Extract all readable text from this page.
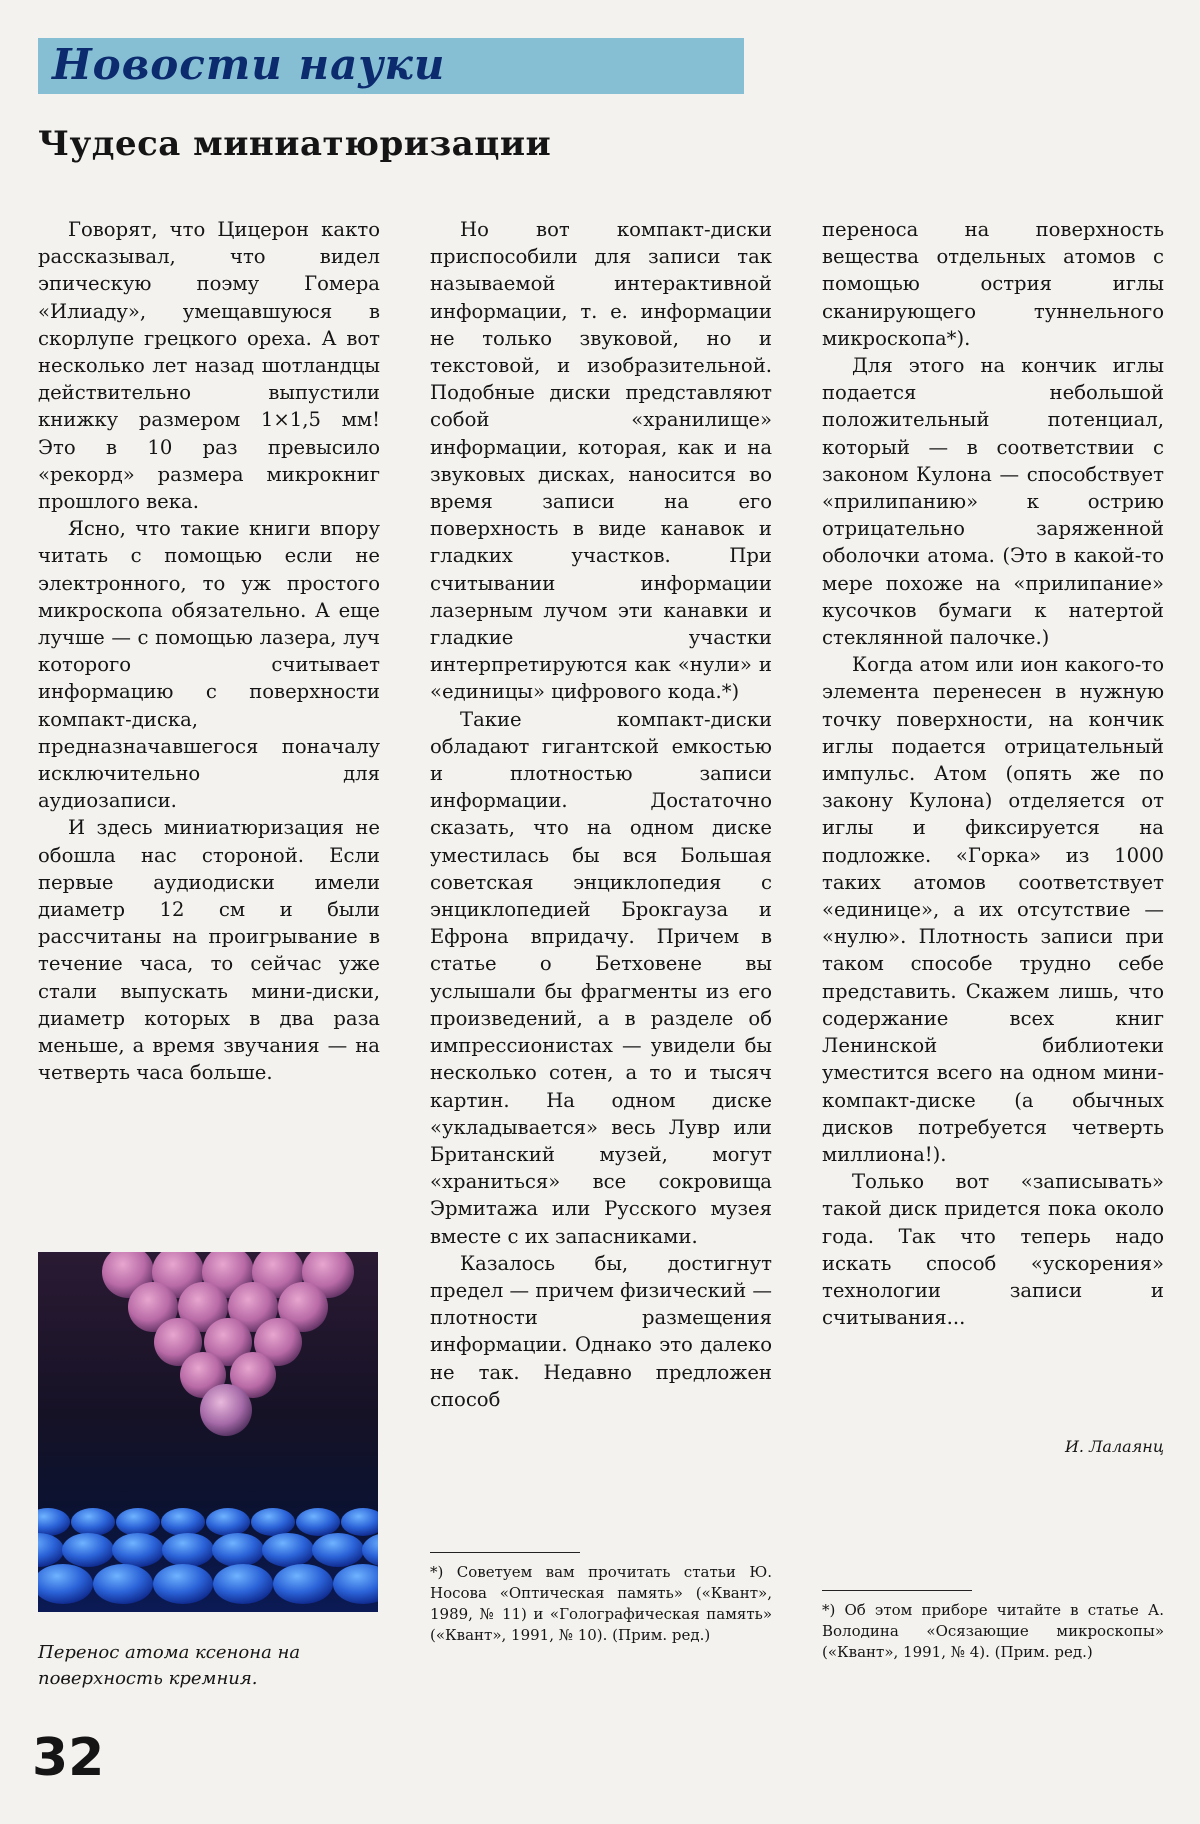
Новости науки
Чудеса миниатюризации

Говорят, что Цицерон както рассказывал, что видел эпическую поэму Гомера «Илиаду», умещавшуюся в скорлупе грецкого ореха. А вот несколько лет назад шотландцы действительно выпустили книжку размером 1×1,5 мм! Это в 10 раз превысило «рекорд» размера микрокниг прошлого века.

Ясно, что такие книги впору читать с помощью если не электронного, то уж простого микроскопа обязательно. А еще лучше — с помощью лазера, луч которого считывает информацию с поверхности компакт-диска, предназначавшегося поначалу исключительно для аудиозаписи.

И здесь миниатюризация не обошла нас стороной. Если первые аудиодиски имели диаметр 12 см и были рассчитаны на проигрывание в течение часа, то сейчас уже стали выпускать мини-диски, диаметр которых в два раза меньше, а время звучания — на четверть часа больше.

Но вот компакт-диски приспособили для записи так называемой интерактивной информации, т. е. информации не только звуковой, но и текстовой, и изобразительной. Подобные диски представляют собой «хранилище» информации, которая, как и на звуковых дисках, наносится во время записи на его поверхность в виде канавок и гладких участков. При считывании информации лазерным лучом эти канавки и гладкие участки интерпретируются как «нули» и «единицы» цифрового кода.*)

Такие компакт-диски обладают гигантской емкостью и плотностью записи информации. Достаточно сказать, что на одном диске уместилась бы вся Большая советская энциклопедия с энциклопедией Брокгауза и Ефрона впридачу. Причем в статье о Бетховене вы услышали бы фрагменты из его произведений, а в разделе об импрессионистах — увидели бы несколько сотен, а то и тысяч картин. На одном диске «укладывается» весь Лувр или Британский музей, могут «храниться» все сокровища Эрмитажа или Русского музея вместе с их запасниками.

Казалось бы, достигнут предел — причем физический — плотности размещения информации. Однако это далеко не так. Недавно предложен способ

переноса на поверхность вещества отдельных атомов с помощью острия иглы сканирующего туннельного микроскопа*).

Для этого на кончик иглы подается небольшой положительный потенциал, который — в соответствии с законом Кулона — способствует «прилипанию» к острию отрицательно заряженной оболочки атома. (Это в какой-то мере похоже на «прилипание» кусочков бумаги к натертой стеклянной палочке.)

Когда атом или ион какого-то элемента перенесен в нужную точку поверхности, на кончик иглы подается отрицательный импульс. Атом (опять же по закону Кулона) отделяется от иглы и фиксируется на подложке. «Горка» из 1000 таких атомов соответствует «единице», а их отсутствие — «нулю». Плотность записи при таком способе трудно себе представить. Скажем лишь, что содержание всех книг Ленинской библиотеки уместится всего на одном мини-компакт-диске (а обычных дисков потребуется четверть миллиона!).

Только вот «записывать» такой диск придется пока около года. Так что теперь надо искать способ «ускорения» технологии записи и считывания...

И. Лалаянц

Перенос атома ксенона на поверхность кремния.

*) Советуем вам прочитать статьи Ю. Носова «Оптическая память» («Квант», 1989, № 11) и «Голографическая память» («Квант», 1991, № 10). (Прим. ред.)

*) Об этом приборе читайте в статье А. Володина «Осязающие микроскопы» («Квант», 1991, № 4). (Прим. ред.)

32
